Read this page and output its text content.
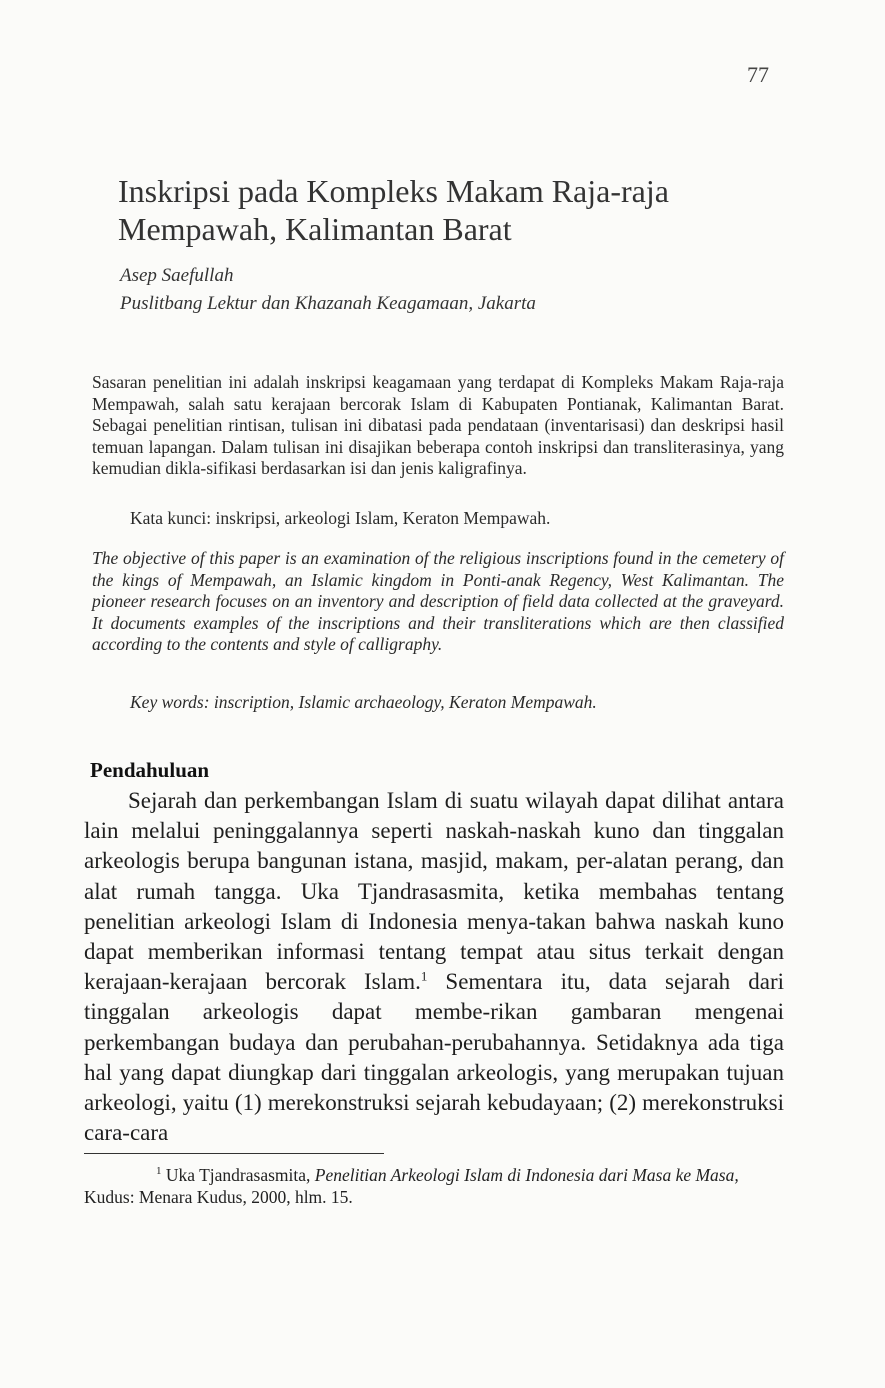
77
Inskripsi pada Kompleks Makam Raja-raja
Mempawah, Kalimantan Barat
Asep Saefullah
Puslitbang Lektur dan Khazanah Keagamaan, Jakarta

Sasaran penelitian ini adalah inskripsi keagamaan yang terdapat di Kompleks Makam Raja-raja Mempawah, salah satu kerajaan bercorak Islam di Kabupaten Pontianak, Kalimantan Barat. Sebagai penelitian rintisan, tulisan ini dibatasi pada pendataan (inventarisasi) dan deskripsi hasil temuan lapangan. Dalam tulisan ini disajikan beberapa contoh inskripsi dan transliterasinya, yang kemudian dikla-sifikasi berdasarkan isi dan jenis kaligrafinya.

Kata kunci: inskripsi, arkeologi Islam, Keraton Mempawah.

The objective of this paper is an examination of the religious inscriptions found in the cemetery of the kings of Mempawah, an Islamic kingdom in Ponti-anak Regency, West Kalimantan. The pioneer research focuses on an inventory and description of field data collected at the graveyard. It documents examples of the inscriptions and their transliterations which are then classified according to the contents and style of calligraphy.

Key words: inscription, Islamic archaeology, Keraton Mempawah.
Pendahuluan

Sejarah dan perkembangan Islam di suatu wilayah dapat dilihat antara lain melalui peninggalannya seperti naskah-naskah kuno dan tinggalan arkeologis berupa bangunan istana, masjid, makam, per-alatan perang, dan alat rumah tangga. Uka Tjandrasasmita, ketika membahas tentang penelitian arkeologi Islam di Indonesia menya-takan bahwa naskah kuno dapat memberikan informasi tentang tempat atau situs terkait dengan kerajaan-kerajaan bercorak Islam.$^1$ Sementara itu, data sejarah dari tinggalan arkeologis dapat membe-rikan gambaran mengenai perkembangan budaya dan perubahan-perubahannya. Setidaknya ada tiga hal yang dapat diungkap dari tinggalan arkeologis, yang merupakan tujuan arkeologi, yaitu (1) merekonstruksi sejarah kebudayaan; (2) merekonstruksi cara-cara

$^1$ Uka Tjandrasasmita, Penelitian Arkeologi Islam di Indonesia dari Masa ke Masa, Kudus: Menara Kudus, 2000, hlm. 15.
